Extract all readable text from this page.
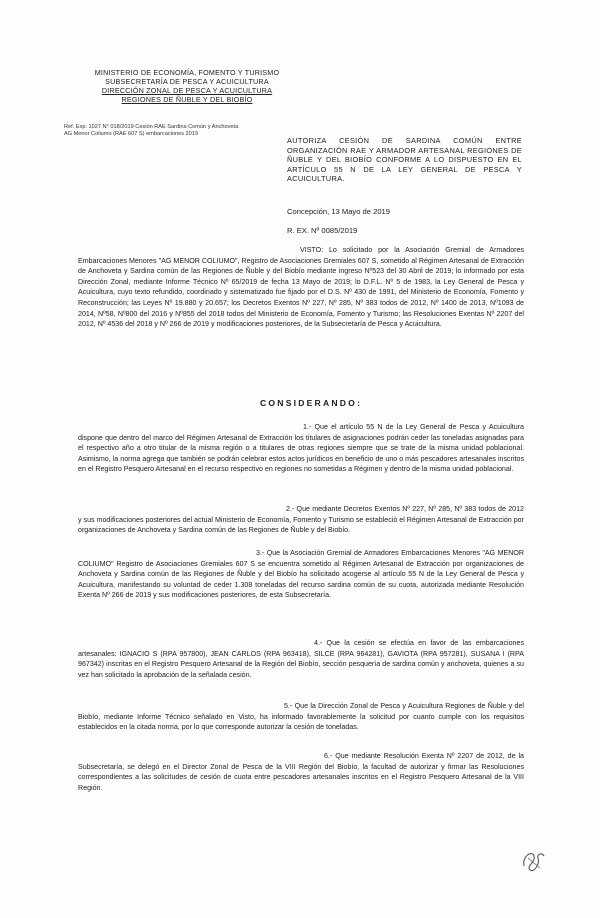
MINISTERIO DE ECONOMÍA, FOMENTO Y TURISMO
SUBSECRETARÍA DE PESCA Y ACUICULTURA
DIRECCIÓN ZONAL DE PESCA Y ACUICULTURA
REGIONES DE ÑUBLE Y DEL BIOBÍO
Ref. Exp. 1027 N° 018/2019 Cesión RAE Sardina Común y Anchoveta
AG Menor Coliumo (RAE 607 S) embarcaciones 2019
AUTORIZA CESIÓN DE SARDINA COMÚN ENTRE ORGANIZACIÓN RAE Y ARMADOR ARTESANAL REGIONES DE ÑUBLE Y DEL BIOBÍO CONFORME A LO DISPUESTO EN EL ARTÍCULO 55 N DE LA LEY GENERAL DE PESCA Y ACUICULTURA.
Concepción, 13 Mayo de 2019
R. EX. Nº 0085/2019
VISTO: Lo solicitado por la Asociación Gremial de Armadores Embarcaciones Menores "AG MENOR COLIUMO", Registro de Asociaciones Gremiales 607 S, sometido al Régimen Artesanal de Extracción de Anchoveta y Sardina común de las Regiones de Ñuble y del Biobío mediante ingreso Nº523 del 30 Abril de 2019; lo informado por esta Dirección Zonal, mediante Informe Técnico Nº 65/2019 de fecha 13 Mayo de 2019; lo D.F.L. Nº 5 de 1983, la Ley General de Pesca y Acuicultura, cuyo texto refundido, coordinado y sistematizado fue fijado por el D.S. Nº 430 de 1991, del Ministerio de Economía, Fomento y Reconstrucción; las Leyes Nº 19.880 y 20.657; los Decretos Exentos Nº 227, Nº 285, Nº 383 todos de 2012, Nº 1400 de 2013, Nº1093 de 2014, Nº58, Nº800 del 2016 y Nº855 del 2018 todos del Ministerio de Economía, Fomento y Turismo; las Resoluciones Exentas Nº 2207 del 2012, Nº 4536 del 2018 y Nº 266 de 2019 y modificaciones posteriores, de la Subsecretaría de Pesca y Acuicultura.
CONSIDERANDO:
1.- Que el artículo 55 N de la Ley General de Pesca y Acuicultura dispone que dentro del marco del Régimen Artesanal de Extracción los titulares de asignaciones podrán ceder las toneladas asignadas para el respectivo año a otro titular de la misma región o a titulares de otras regiones siempre que se trate de la misma unidad poblacional. Asimismo, la norma agrega que también se podrán celebrar estos actos jurídicos en beneficio de uno o más pescadores artesanales inscritos en el Registro Pesquero Artesanal en el recurso respectivo en regiones no sometidas a Régimen y dentro de la misma unidad poblacional.
2.- Que mediante Decretos Exentos Nº 227, Nº 285, Nº 383 todos de 2012 y sus modificaciones posteriores del actual Ministerio de Economía, Fomento y Turismo se estableció el Régimen Artesanal de Extracción por organizaciones de Anchoveta y Sardina común de las Regiones de Ñuble y del Biobío.
3.- Que la Asociación Gremial de Armadores Embarcaciones Menores "AG MENOR COLIUMO" Registro de Asociaciones Gremiales 607 S se encuentra sometido al Régimen Artesanal de Extracción por organizaciones de Anchoveta y Sardina común de las Regiones de Ñuble y del Biobío ha solicitado acogerse al artículo 55 N de la Ley General de Pesca y Acuicultura, manifestando su voluntad de ceder 1.308 toneladas del recurso sardina común de su cuota, autorizada mediante Resolución Exenta Nº 266 de 2019 y sus modificaciones posteriores, de esta Subsecretaría.
4.- Que la cesión se efectúa en favor de las embarcaciones artesanales: IGNACIO S (RPA 957800), JEAN CARLOS (RPA 963418), SILCE (RPA 964281), GAVIOTA (RPA 957281), SUSANA I (RPA 967342) inscritas en el Registro Pesquero Artesanal de la Región del Biobío, sección pesquería de sardina común y anchoveta, quienes a su vez han solicitado la aprobación de la señalada cesión.
5.- Que la Dirección Zonal de Pesca y Acuicultura Regiones de Ñuble y del Biobío, mediante Informe Técnico señalado en Visto, ha informado favorablemente la solicitud por cuanto cumple con los requisitos establecidos en la citada norma, por lo que corresponde autorizar la cesión de toneladas.
6.- Que mediante Resolución Exenta Nº 2207 de 2012, de la Subsecretaría, se delegó en el Director Zonal de Pesca de la VIII Región del Biobío, la facultad de autorizar y firmar las Resoluciones correspondientes a las solicitudes de cesión de cuota entre pescadores artesanales inscritos en el Registro Pesquero Artesanal de la VIII Región.
